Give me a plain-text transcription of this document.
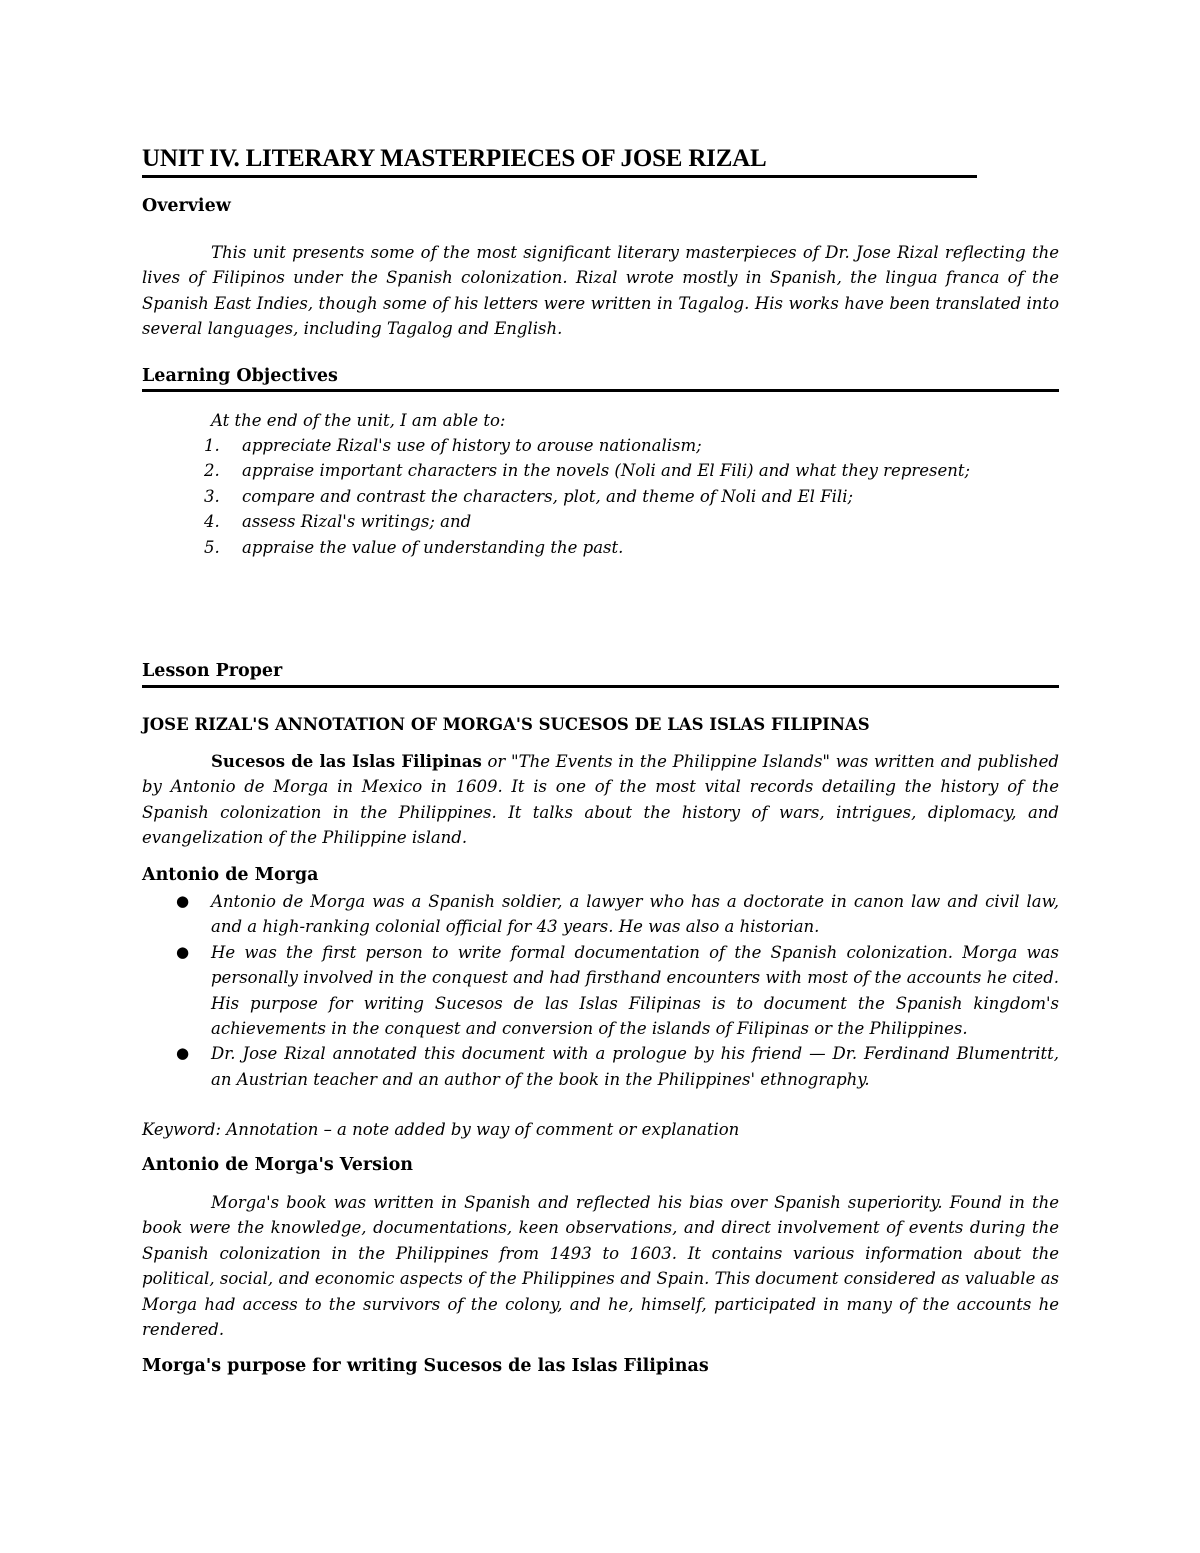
UNIT IV. LITERARY MASTERPIECES OF JOSE RIZAL
Overview
This unit presents some of the most significant literary masterpieces of Dr. Jose Rizal reflecting the lives of Filipinos under the Spanish colonization. Rizal wrote mostly in Spanish, the lingua franca of the Spanish East Indies, though some of his letters were written in Tagalog. His works have been translated into several languages, including Tagalog and English.
Learning Objectives
At the end of the unit, I am able to:
1.	appreciate Rizal's use of history to arouse nationalism;
2.	appraise important characters in the novels (Noli and El Fili) and what they represent;
3.	compare and contrast the characters, plot, and theme of Noli and El Fili;
4.	assess Rizal's writings; and
5.	appraise the value of understanding the past.
Lesson Proper
JOSE RIZAL'S ANNOTATION OF MORGA'S SUCESOS DE LAS ISLAS FILIPINAS
Sucesos de las Islas Filipinas or "The Events in the Philippine Islands" was written and published by Antonio de Morga in Mexico in 1609. It is one of the most vital records detailing the history of the Spanish colonization in the Philippines. It talks about the history of wars, intrigues, diplomacy, and evangelization of the Philippine island.
Antonio de Morga
● Antonio de Morga was a Spanish soldier, a lawyer who has a doctorate in canon law and civil law, and a high-ranking colonial official for 43 years. He was also a historian.
● He was the first person to write formal documentation of the Spanish colonization. Morga was personally involved in the conquest and had firsthand encounters with most of the accounts he cited. His purpose for writing Sucesos de las Islas Filipinas is to document the Spanish kingdom's achievements in the conquest and conversion of the islands of Filipinas or the Philippines.
● Dr. Jose Rizal annotated this document with a prologue by his friend — Dr. Ferdinand Blumentritt, an Austrian teacher and an author of the book in the Philippines' ethnography.
Keyword: Annotation – a note added by way of comment or explanation
Antonio de Morga's Version
Morga's book was written in Spanish and reflected his bias over Spanish superiority. Found in the book were the knowledge, documentations, keen observations, and direct involvement of events during the Spanish colonization in the Philippines from 1493 to 1603. It contains various information about the political, social, and economic aspects of the Philippines and Spain. This document considered as valuable as Morga had access to the survivors of the colony, and he, himself, participated in many of the accounts he rendered.
Morga's purpose for writing Sucesos de las Islas Filipinas
